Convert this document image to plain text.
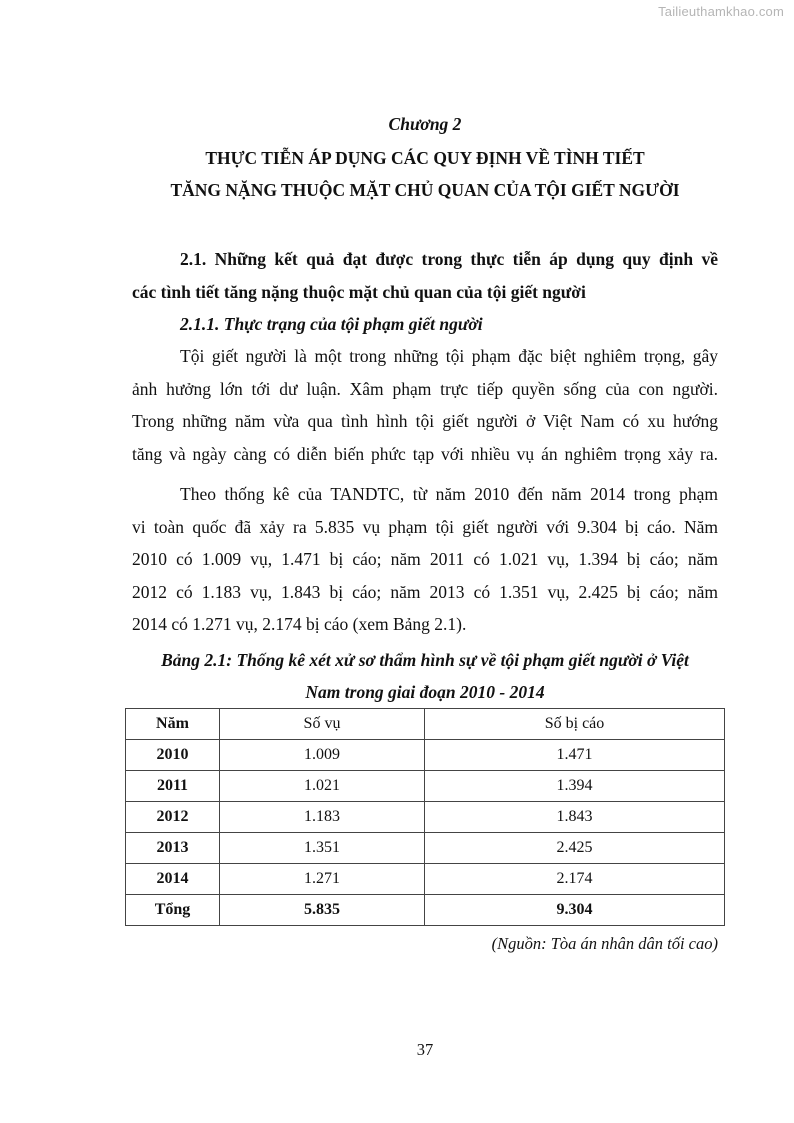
Tailieuthamkhao.com
Chương 2
THỰC TIỄN ÁP DỤNG CÁC QUY ĐỊNH VỀ TÌNH TIẾT
TĂNG NẶNG THUỘC MẶT CHỦ QUAN CỦA TỘI GIẾT NGƯỜI
2.1. Những kết quả đạt được trong thực tiễn áp dụng quy định về
các tình tiết tăng nặng thuộc mặt chủ quan của tội giết người
2.1.1. Thực trạng của tội phạm giết người
Tội giết người là một trong những tội phạm đặc biệt nghiêm trọng, gây
ảnh hưởng lớn tới dư luận. Xâm phạm trực tiếp quyền sống của con người.
Trong những năm vừa qua tình hình tội giết người ở Việt Nam có xu hướng
tăng và ngày càng có diễn biến phức tạp với nhiều vụ án nghiêm trọng xảy ra.
Theo thống kê của TANDTC, từ năm 2010 đến năm 2014 trong phạm
vi toàn quốc đã xảy ra 5.835 vụ phạm tội giết người với 9.304 bị cáo. Năm
2010 có 1.009 vụ, 1.471 bị cáo; năm 2011 có 1.021 vụ, 1.394 bị cáo; năm
2012 có 1.183 vụ, 1.843 bị cáo; năm 2013 có 1.351 vụ, 2.425 bị cáo; năm
2014 có 1.271 vụ, 2.174 bị cáo (xem Bảng 2.1).
Bảng 2.1: Thống kê xét xử sơ thẩm hình sự về tội phạm giết người ở Việt
Nam trong giai đoạn 2010 - 2014
Năm	Số vụ	Số bị cáo
2010	1.009	1.471
2011	1.021	1.394
2012	1.183	1.843
2013	1.351	2.425
2014	1.271	2.174
Tổng	5.835	9.304
(Nguồn: Tòa án nhân dân tối cao)
37
